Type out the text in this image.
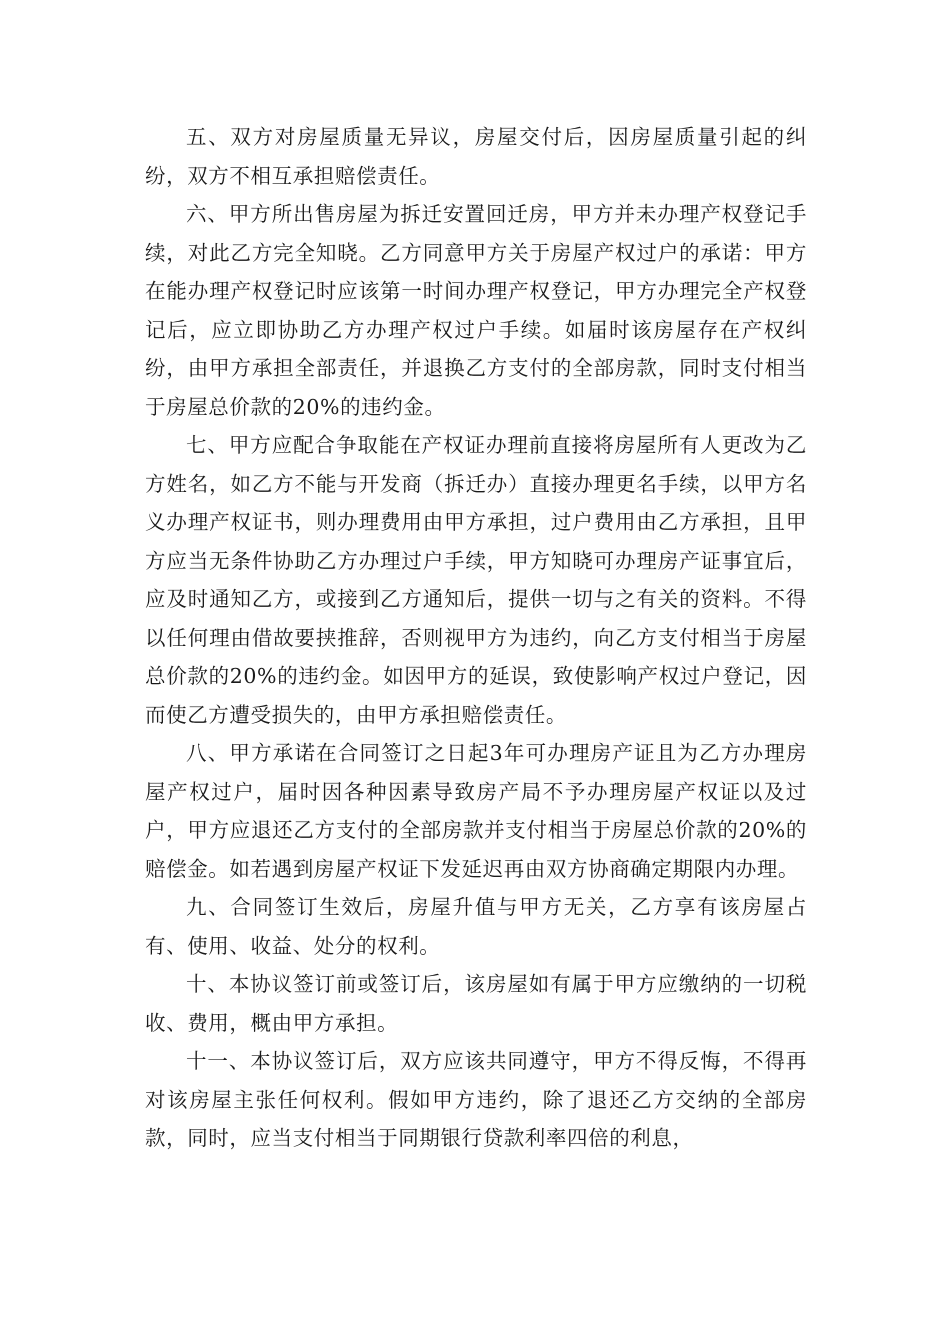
五、双方对房屋质量无异议，房屋交付后，因房屋质量引起的纠纷，双方不相互承担赔偿责任。

六、甲方所出售房屋为拆迁安置回迁房，甲方并未办理产权登记手续，对此乙方完全知晓。乙方同意甲方关于房屋产权过户的承诺：甲方在能办理产权登记时应该第一时间办理产权登记，甲方办理完全产权登记后，应立即协助乙方办理产权过户手续。如届时该房屋存在产权纠纷，由甲方承担全部责任，并退换乙方支付的全部房款，同时支付相当于房屋总价款的20%的违约金。

七、甲方应配合争取能在产权证办理前直接将房屋所有人更改为乙方姓名，如乙方不能与开发商（拆迁办）直接办理更名手续，以甲方名义办理产权证书，则办理费用由甲方承担，过户费用由乙方承担，且甲方应当无条件协助乙方办理过户手续，甲方知晓可办理房产证事宜后，应及时通知乙方，或接到乙方通知后，提供一切与之有关的资料。不得以任何理由借故要挟推辞，否则视甲方为违约，向乙方支付相当于房屋总价款的20%的违约金。如因甲方的延误，致使影响产权过户登记，因而使乙方遭受损失的，由甲方承担赔偿责任。

八、甲方承诺在合同签订之日起3年可办理房产证且为乙方办理房屋产权过户，届时因各种因素导致房产局不予办理房屋产权证以及过户，甲方应退还乙方支付的全部房款并支付相当于房屋总价款的20%的赔偿金。如若遇到房屋产权证下发延迟再由双方协商确定期限内办理。

九、合同签订生效后，房屋升值与甲方无关，乙方享有该房屋占有、使用、收益、处分的权利。

十、本协议签订前或签订后，该房屋如有属于甲方应缴纳的一切税收、费用，概由甲方承担。

十一、本协议签订后，双方应该共同遵守，甲方不得反悔，不得再对该房屋主张任何权利。假如甲方违约，除了退还乙方交纳的全部房款，同时，应当支付相当于同期银行贷款利率四倍的利息，
